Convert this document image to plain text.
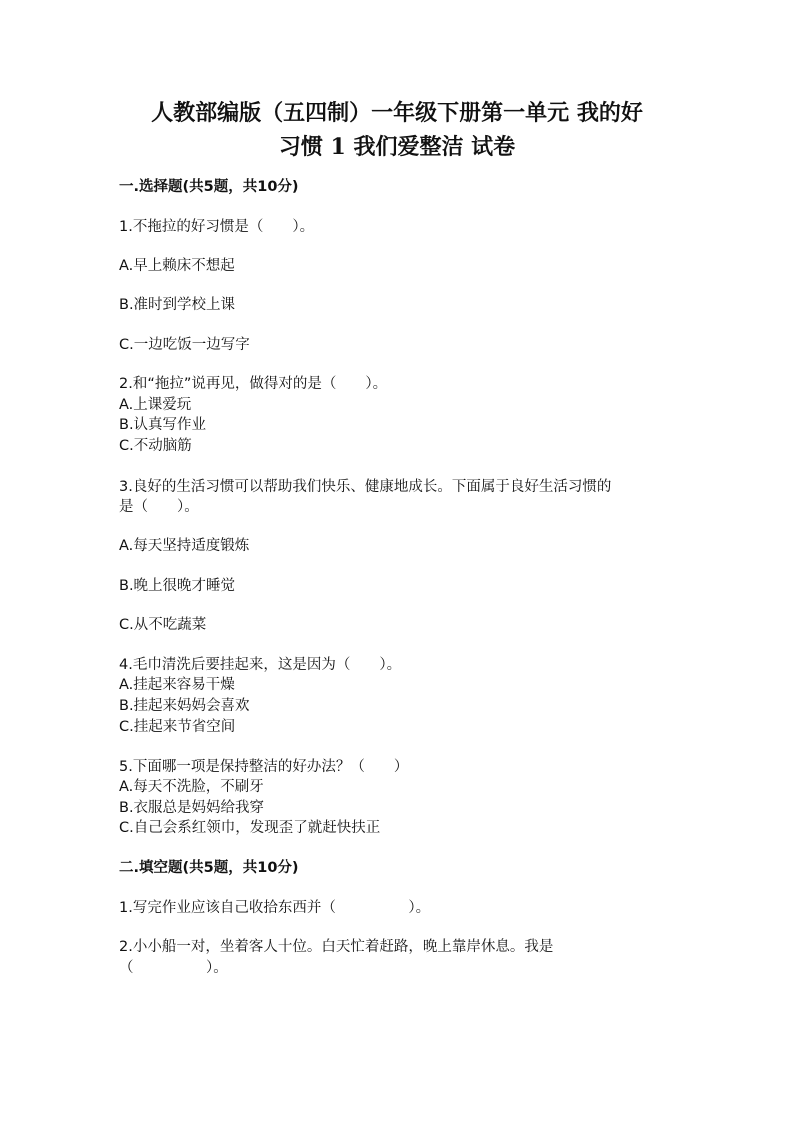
人教部编版（五四制）一年级下册第一单元 我的好
习惯 1 我们爱整洁 试卷
一.选择题(共5题，共10分)
1.不拖拉的好习惯是（　　）。
A.早上赖床不想起
B.准时到学校上课
C.一边吃饭一边写字
2.和“拖拉”说再见，做得对的是（　　）。
A.上课爱玩
B.认真写作业
C.不动脑筋
3.良好的生活习惯可以帮助我们快乐、健康地成长。下面属于良好生活习惯的
是（　　）。
A.每天坚持适度锻炼
B.晚上很晚才睡觉
C.从不吃蔬菜
4.毛巾清洗后要挂起来，这是因为（　　）。
A.挂起来容易干燥
B.挂起来妈妈会喜欢
C.挂起来节省空间
5.下面哪一项是保持整洁的好办法？（　　）
A.每天不洗脸，不刷牙
B.衣服总是妈妈给我穿
C.自己会系红领巾，发现歪了就赶快扶正
二.填空题(共5题，共10分)
1.写完作业应该自己收拾东西并（　　　　　）。
2.小小船一对，坐着客人十位。白天忙着赶路，晚上靠岸休息。我是
（　　　　　）。
